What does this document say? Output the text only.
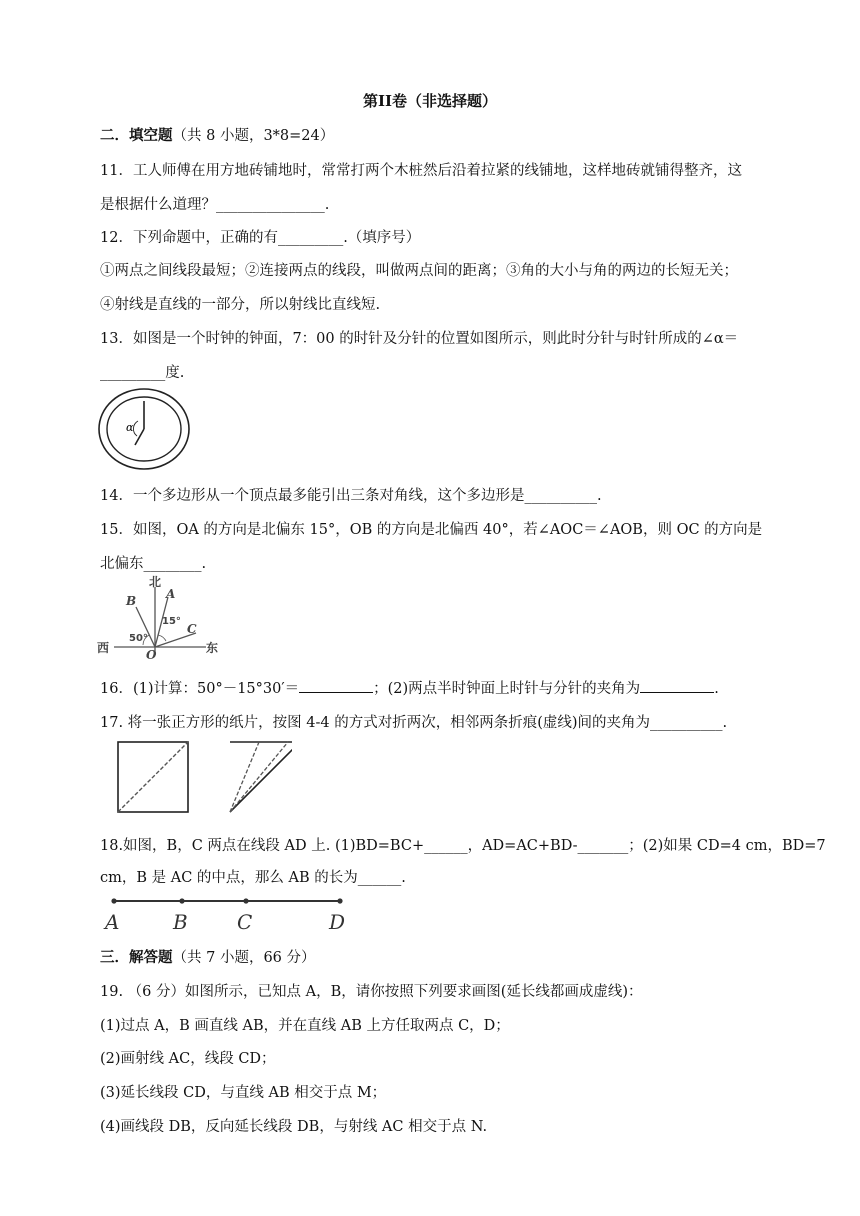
第II卷（非选择题）
二．填空题（共 8 小题，3*8=24）
11．工人师傅在用方地砖铺地时，常常打两个木桩然后沿着拉紧的线铺地，这样地砖就铺得整齐，这
是根据什么道理？_______________.
12．下列命题中，正确的有_________.（填序号）
①两点之间线段最短；②连接两点的线段，叫做两点间的距离；③角的大小与角的两边的长短无关；
④射线是直线的一部分，所以射线比直线短.
13．如图是一个时钟的钟面，7：00 的时针及分针的位置如图所示，则此时分针与时针所成的∠α＝
_________度.
α
14．一个多边形从一个顶点最多能引出三条对角线，这个多边形是__________.
15．如图，OA 的方向是北偏东 15°，OB 的方向是北偏西 40°，若∠AOC＝∠AOB，则 OC 的方向是
北偏东________.
北
西	东
B A
C
O
50°
15°
16．(1)计算：50°－15°30′＝	；(2)两点半时钟面上时针与分针的夹角为	.
17. 将一张正方形的纸片，按图 4-4 的方式对折两次，相邻两条折痕(虚线)间的夹角为__________.
18.如图，B，C 两点在线段 AD 上. (1)BD=BC+______，AD=AC+BD-_______；(2)如果 CD=4 cm，BD=7
cm，B 是 AC 的中点，那么 AB 的长为______.
A	B C	D
三．解答题（共 7 小题，66 分）
19. （6 分）如图所示，已知点 A，B，请你按照下列要求画图(延长线都画成虚线)：
(1)过点 A，B 画直线 AB，并在直线 AB 上方任取两点 C，D；
(2)画射线 AC，线段 CD；
(3)延长线段 CD，与直线 AB 相交于点 M；
(4)画线段 DB，反向延长线段 DB，与射线 AC 相交于点 N.
